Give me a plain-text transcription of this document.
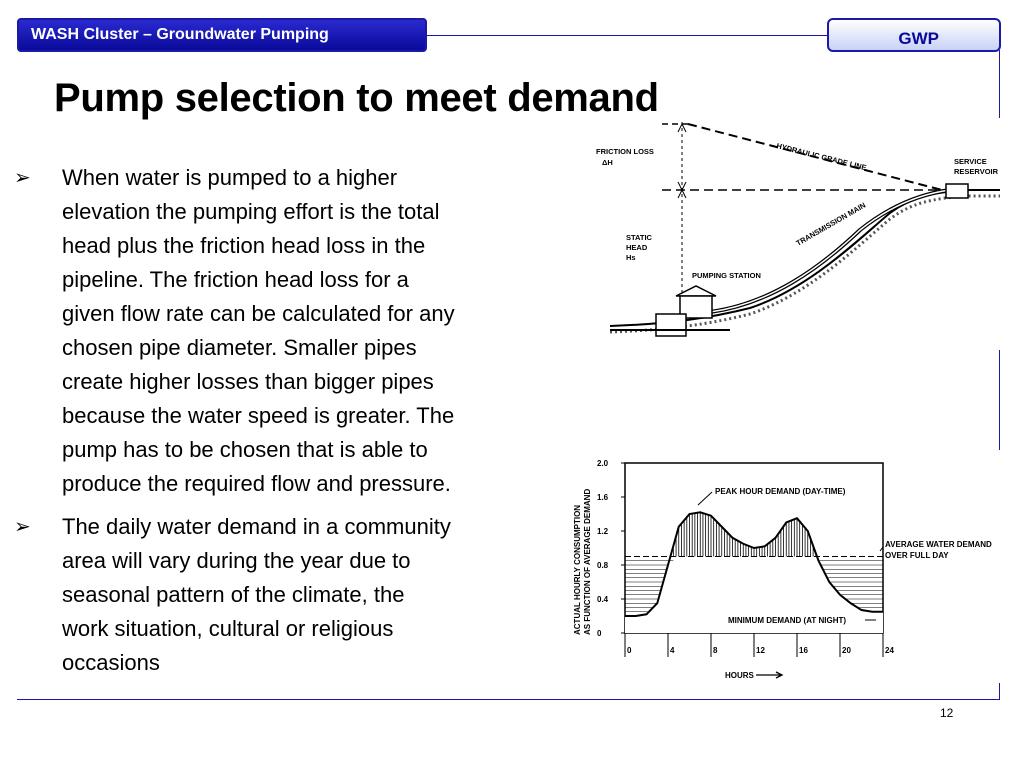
WASH Cluster – Groundwater Pumping	GWP
Pump selection to meet demand
➢ When water is pumped to a higher
elevation the pumping effort is the total
head plus the friction head loss in the
pipeline. The friction head loss for a
given flow rate can be calculated for any
chosen pipe diameter. Smaller pipes
create higher losses than bigger pipes
because the water speed is greater. The
pump has to be chosen that is able to
produce the required flow and pressure.
➢ The daily water demand in a community
area will vary during the year due to
seasonal pattern of the climate, the
work situation, cultural or religious
occasions
FRICTION LOSS
ΔH	HYDRAULIC GRADE LINE	SERVICE
RESERVOIR
TRANSMISSION MAIN
STATIC
HEAD
Hs
PUMPING STATION
2.0
1.6
1.2
0.8
0.4
0
0	4	8	12	16	20	24
ACTUAL HOURLY CONSUMPTION AS FUNCTION OF AVERAGE DEMAND
HOURS
PEAK HOUR DEMAND (DAY-TIME)
AVERAGE WATER DEMAND
OVER FULL DAY
MINIMUM DEMAND (AT NIGHT)
12
